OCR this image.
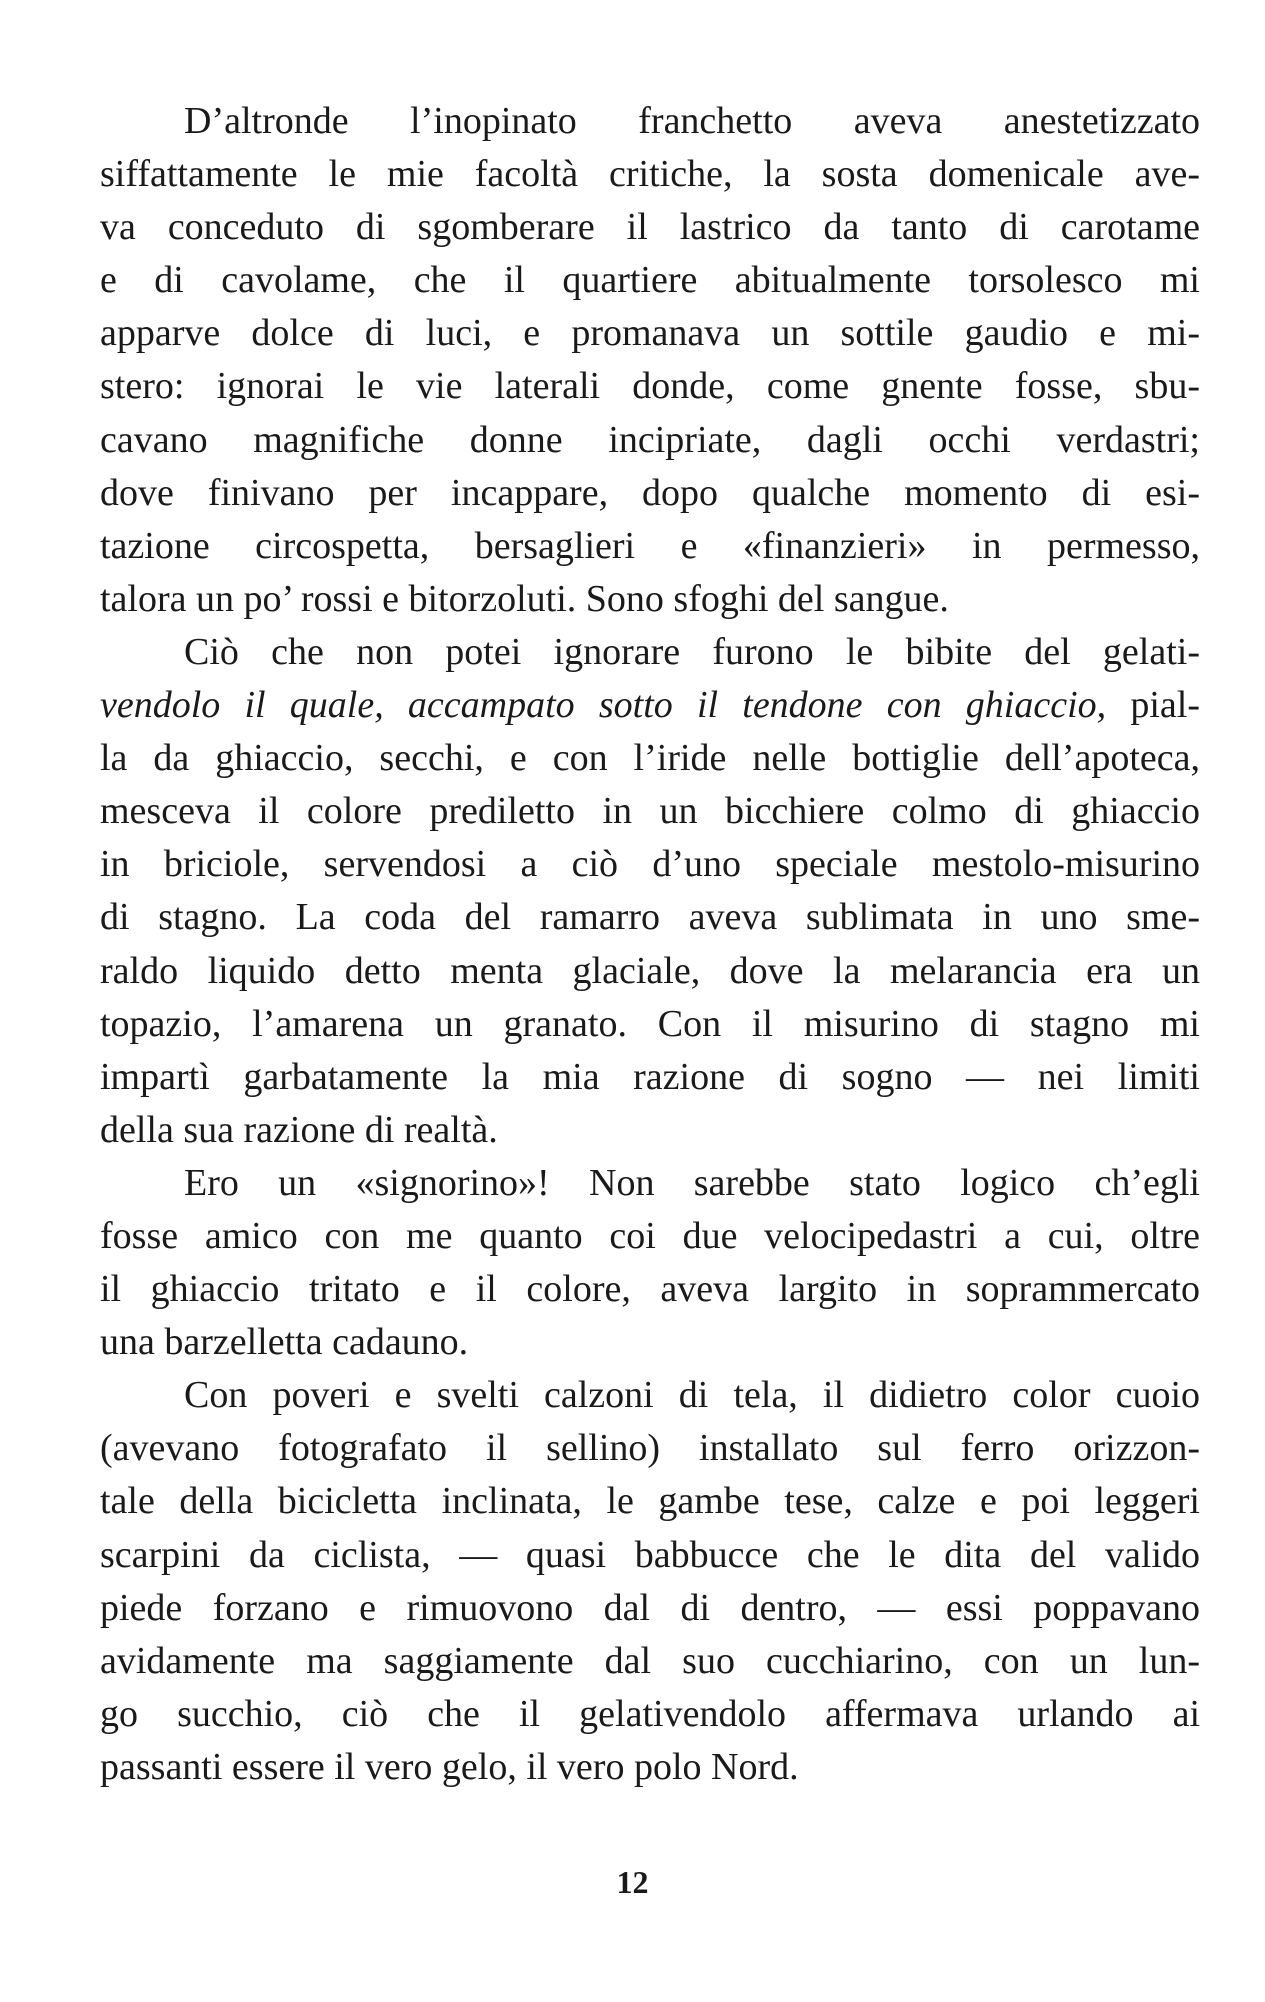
D’altronde l’inopinato franchetto aveva anestetizzato
siffattamente le mie facoltà critiche, la sosta domenicale ave-
va conceduto di sgomberare il lastrico da tanto di carotame
e di cavolame, che il quartiere abitualmente torsolesco mi
apparve dolce di luci, e promanava un sottile gaudio e mi-
stero: ignorai le vie laterali donde, come gnente fosse, sbu-
cavano magnifiche donne incipriate, dagli occhi verdastri;
dove finivano per incappare, dopo qualche momento di esi-
tazione circospetta, bersaglieri e «finanzieri» in permesso,
talora un po’ rossi e bitorzoluti. Sono sfoghi del sangue.
Ciò che non potei ignorare furono le bibite del gelati-
vendolo il quale, accampato sotto il tendone con ghiaccio, pial-
la da ghiaccio, secchi, e con l’iride nelle bottiglie dell’apoteca,
mesceva il colore prediletto in un bicchiere colmo di ghiaccio
in briciole, servendosi a ciò d’uno speciale mestolo-misurino
di stagno. La coda del ramarro aveva sublimata in uno sme-
raldo liquido detto menta glaciale, dove la melarancia era un
topazio, l’amarena un granato. Con il misurino di stagno mi
impartì garbatamente la mia razione di sogno — nei limiti
della sua razione di realtà.
Ero un «signorino»! Non sarebbe stato logico ch’egli
fosse amico con me quanto coi due velocipedastri a cui, oltre
il ghiaccio tritato e il colore, aveva largito in soprammercato
una barzelletta cadauno.
Con poveri e svelti calzoni di tela, il didietro color cuoio
(avevano fotografato il sellino) installato sul ferro orizzon-
tale della bicicletta inclinata, le gambe tese, calze e poi leggeri
scarpini da ciclista, — quasi babbucce che le dita del valido
piede forzano e rimuovono dal di dentro, — essi poppavano
avidamente ma saggiamente dal suo cucchiarino, con un lun-
go succhio, ciò che il gelativendolo affermava urlando ai
passanti essere il vero gelo, il vero polo Nord.
12
